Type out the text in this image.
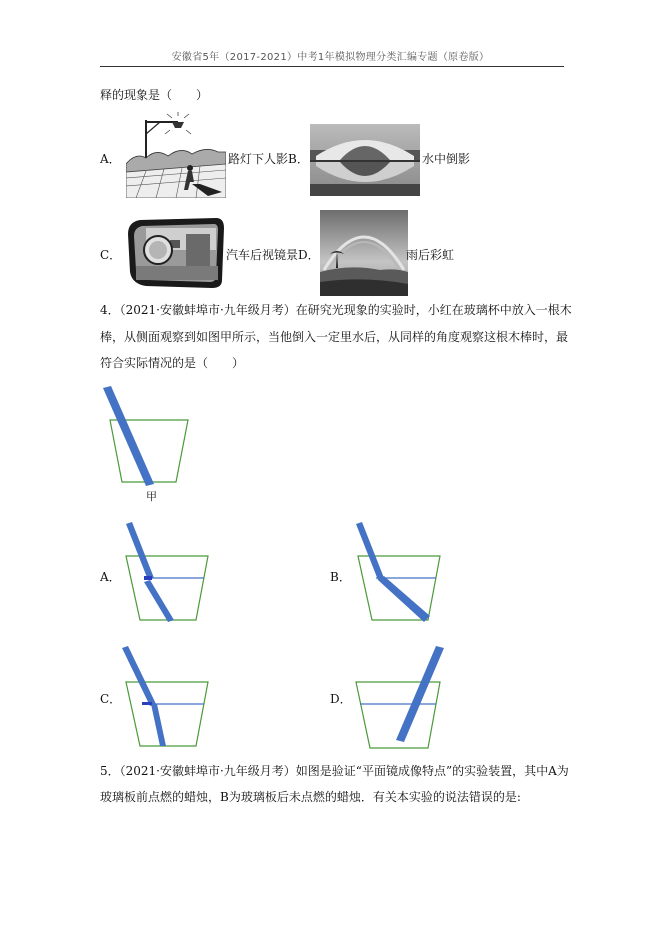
安徽省5年（2017-2021）中考1年模拟物理分类汇编专题（原卷版）
释的现象是（　　）
A．	路灯下人影 B．	水中倒影
C．	汽车后视镜景 D．	雨后彩虹
4．（2021·安徽蚌埠市·九年级月考）在研究光现象的实验时，小红在玻璃杯中放入一根木
棒，从侧面观察到如图甲所示，当他倒入一定里水后，从同样的角度观察这根木棒时，最
符合实际情况的是（　　）
甲
A．	B．
C．	D．
5．（2021·安徽蚌埠市·九年级月考）如图是验证“平面镜成像特点”的实验装置，其中A为
玻璃板前点燃的蜡烛，B为玻璃板后未点燃的蜡烛．有关本实验的说法错误的是:
